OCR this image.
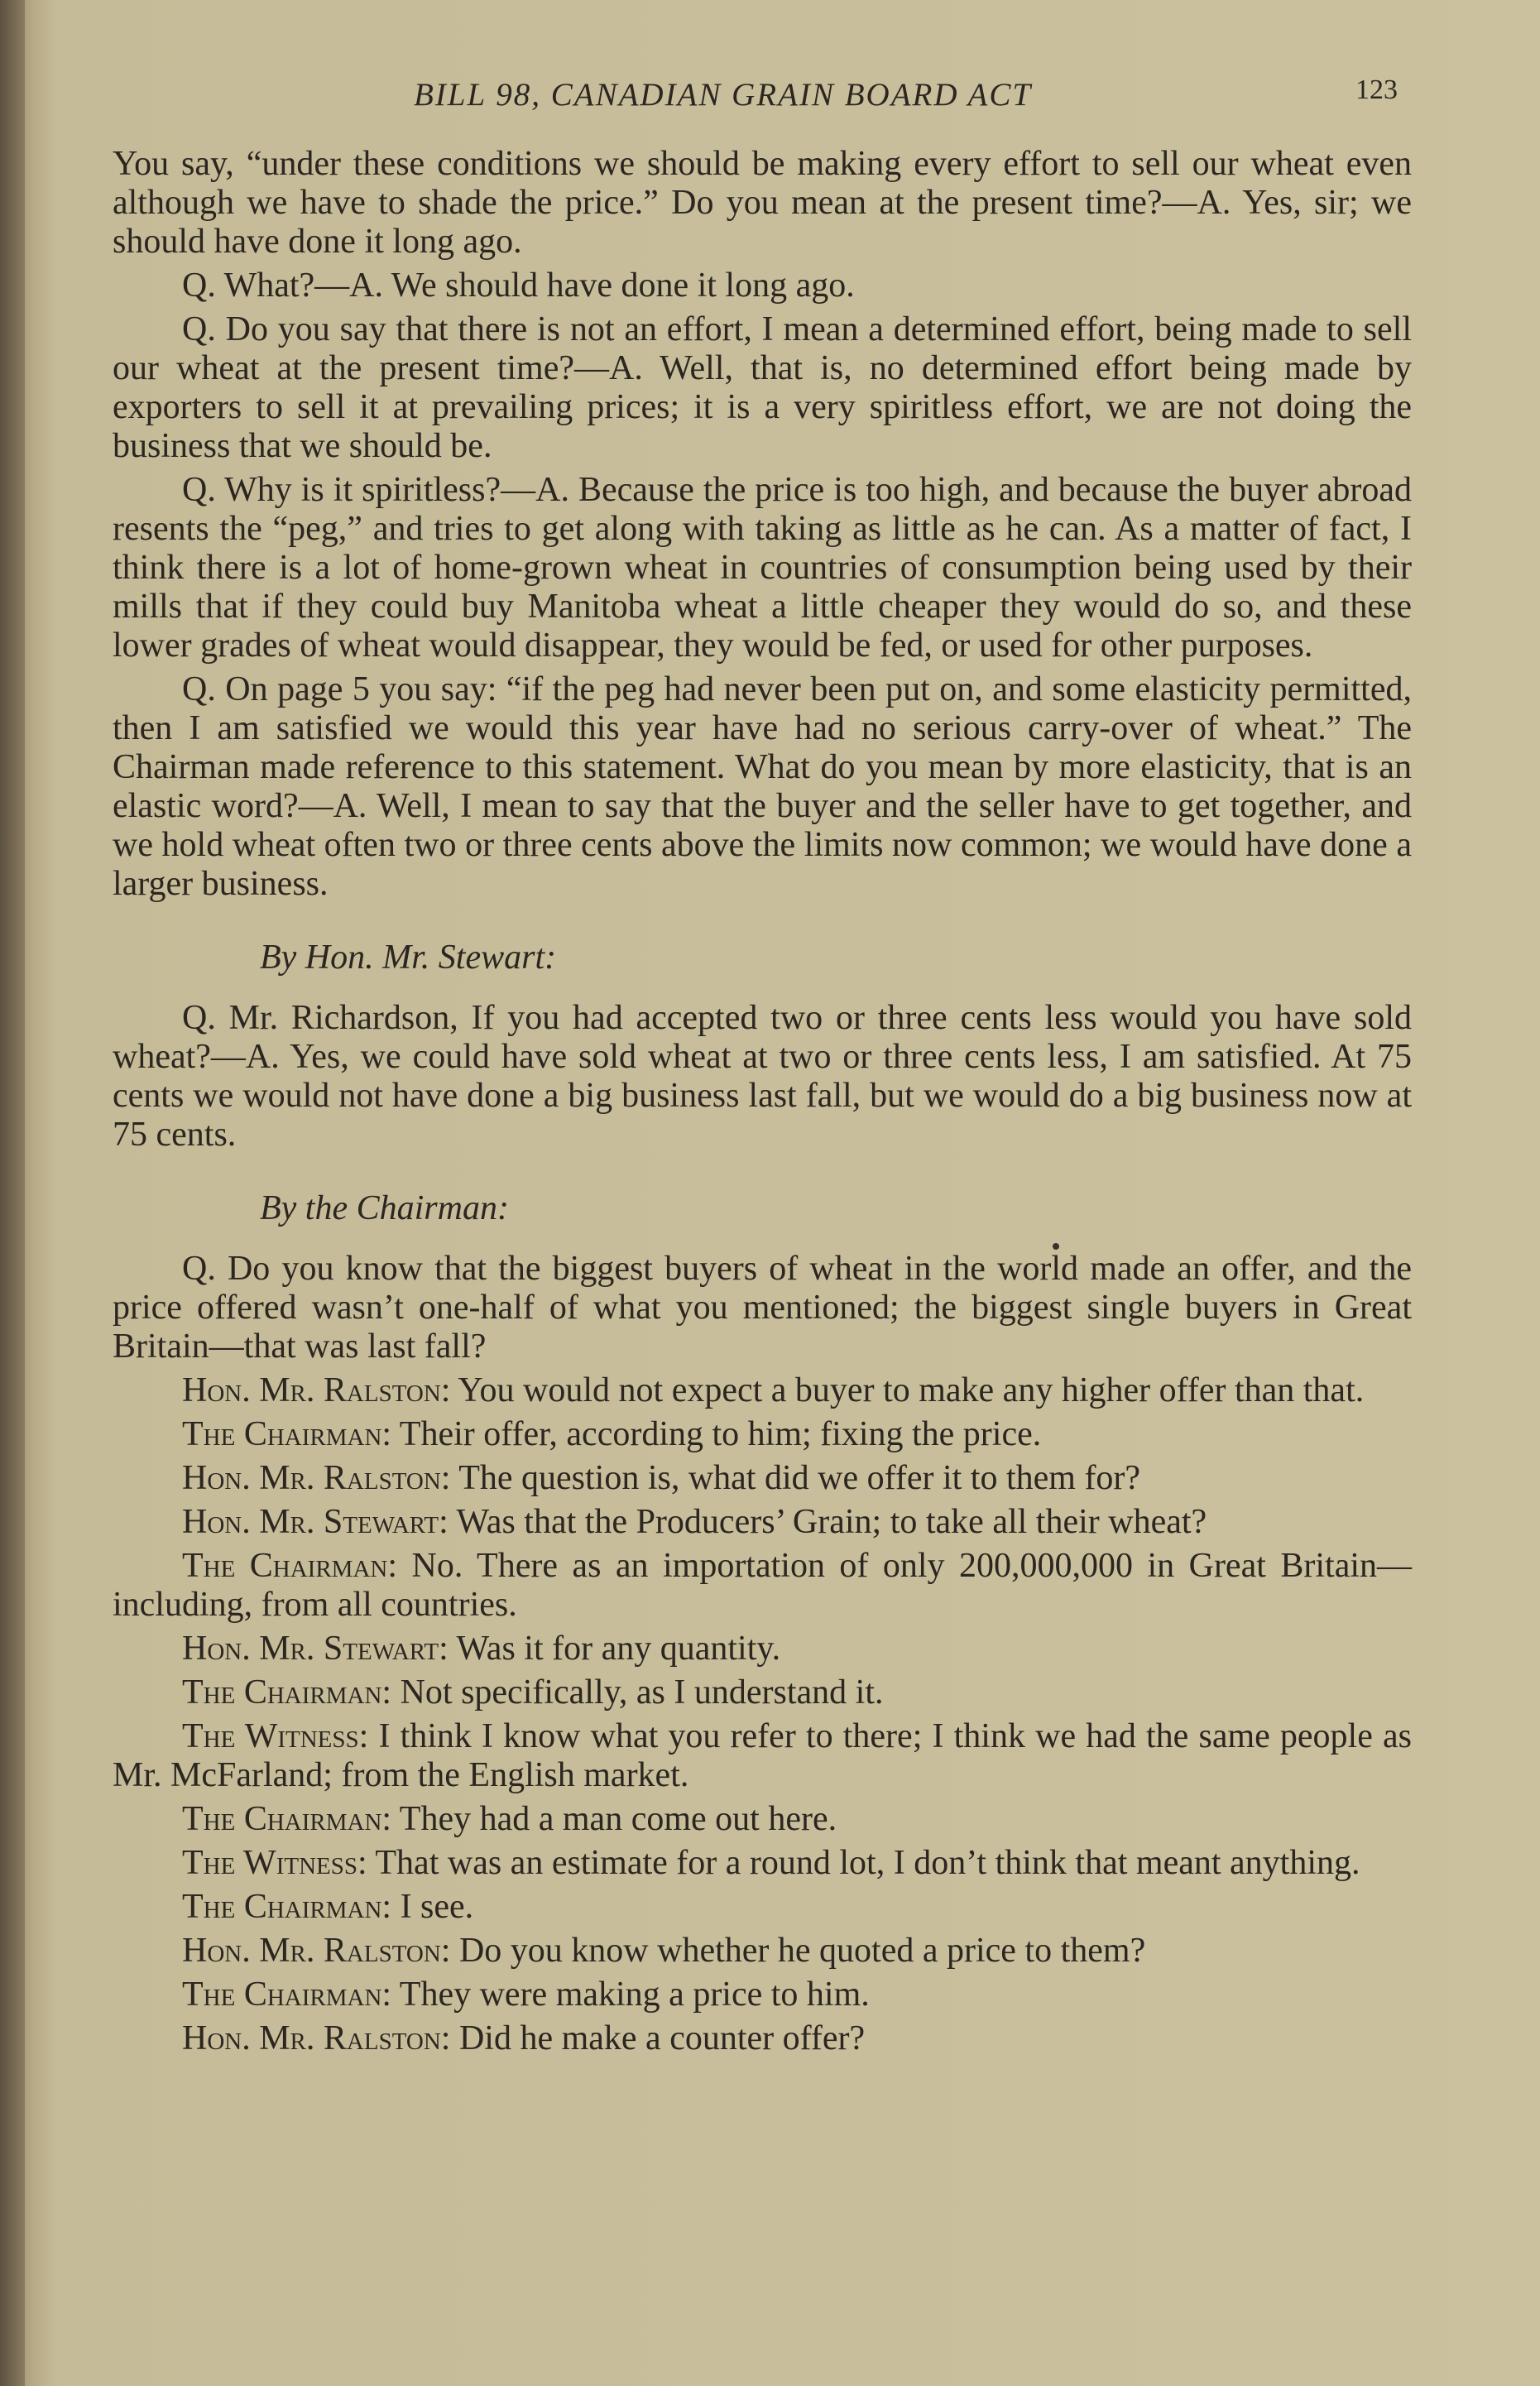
BILL 98, CANADIAN GRAIN BOARD ACT	123

You say, “under these conditions we should be making every effort to sell our wheat even although we have to shade the price.” Do you mean at the present time?—A. Yes, sir; we should have done it long ago.

Q. What?—A. We should have done it long ago.

Q. Do you say that there is not an effort, I mean a determined effort, being made to sell our wheat at the present time?—A. Well, that is, no determined effort being made by exporters to sell it at prevailing prices; it is a very spiritless effort, we are not doing the business that we should be.

Q. Why is it spiritless?—A. Because the price is too high, and because the buyer abroad resents the “peg,” and tries to get along with taking as little as he can. As a matter of fact, I think there is a lot of home-grown wheat in countries of consumption being used by their mills that if they could buy Manitoba wheat a little cheaper they would do so, and these lower grades of wheat would disappear, they would be fed, or used for other purposes.

Q. On page 5 you say: “if the peg had never been put on, and some elasticity permitted, then I am satisfied we would this year have had no serious carry-over of wheat.” The Chairman made reference to this statement. What do you mean by more elasticity, that is an elastic word?—A. Well, I mean to say that the buyer and the seller have to get together, and we hold wheat often two or three cents above the limits now common; we would have done a larger business.

By Hon. Mr. Stewart:

Q. Mr. Richardson, If you had accepted two or three cents less would you have sold wheat?—A. Yes, we could have sold wheat at two or three cents less, I am satisfied. At 75 cents we would not have done a big business last fall, but we would do a big business now at 75 cents.

By the Chairman:

Q. Do you know that the biggest buyers of wheat in the world made an offer, and the price offered wasn’t one-half of what you mentioned; the biggest single buyers in Great Britain—that was last fall?

Hon. Mr. Ralston: You would not expect a buyer to make any higher offer than that.

The Chairman: Their offer, according to him; fixing the price.

Hon. Mr. Ralston: The question is, what did we offer it to them for?

Hon. Mr. Stewart: Was that the Producers’ Grain; to take all their wheat?

The Chairman: No. There as an importation of only 200,000,000 in Great Britain—including, from all countries.

Hon. Mr. Stewart: Was it for any quantity.

The Chairman: Not specifically, as I understand it.

The Witness: I think I know what you refer to there; I think we had the same people as Mr. McFarland; from the English market.

The Chairman: They had a man come out here.

The Witness: That was an estimate for a round lot, I don’t think that meant anything.

The Chairman: I see.

Hon. Mr. Ralston: Do you know whether he quoted a price to them?

The Chairman: They were making a price to him.

Hon. Mr. Ralston: Did he make a counter offer?
